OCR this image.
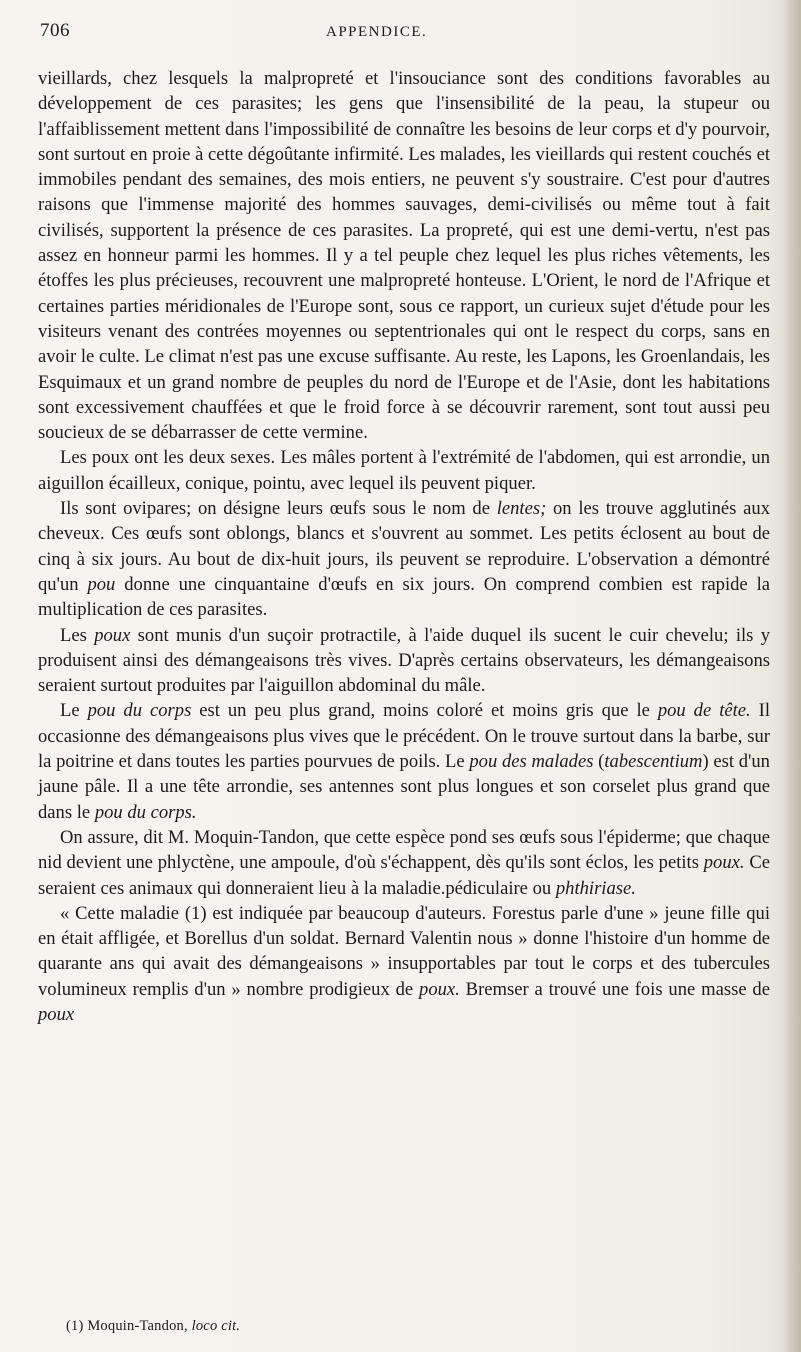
706	APPENDICE.

vieillards, chez lesquels la malpropreté et l'insouciance sont des conditions favorables au développement de ces parasites; les gens que l'insensibilité de la peau, la stupeur ou l'affaiblissement mettent dans l'impossibilité de connaître les besoins de leur corps et d'y pourvoir, sont surtout en proie à cette dégoûtante infirmité. Les malades, les vieillards qui restent couchés et immobiles pendant des semaines, des mois entiers, ne peuvent s'y soustraire. C'est pour d'autres raisons que l'immense majorité des hommes sauvages, demi-civilisés ou même tout à fait civilisés, supportent la présence de ces parasites. La propreté, qui est une demi-vertu, n'est pas assez en honneur parmi les hommes. Il y a tel peuple chez lequel les plus riches vêtements, les étoffes les plus précieuses, recouvrent une malpropreté honteuse. L'Orient, le nord de l'Afrique et certaines parties méridionales de l'Europe sont, sous ce rapport, un curieux sujet d'étude pour les visiteurs venant des contrées moyennes ou septentrionales qui ont le respect du corps, sans en avoir le culte. Le climat n'est pas une excuse suffisante. Au reste, les Lapons, les Groenlandais, les Esquimaux et un grand nombre de peuples du nord de l'Europe et de l'Asie, dont les habitations sont excessivement chauffées et que le froid force à se découvrir rarement, sont tout aussi peu soucieux de se débarrasser de cette vermine.

Les poux ont les deux sexes. Les mâles portent à l'extrémité de l'abdomen, qui est arrondie, un aiguillon écailleux, conique, pointu, avec lequel ils peuvent piquer.

Ils sont ovipares; on désigne leurs œufs sous le nom de lentes; on les trouve agglutinés aux cheveux. Ces œufs sont oblongs, blancs et s'ouvrent au sommet. Les petits éclosent au bout de cinq à six jours. Au bout de dix-huit jours, ils peuvent se reproduire. L'observation a démontré qu'un pou donne une cinquantaine d'œufs en six jours. On comprend combien est rapide la multiplication de ces parasites.

Les poux sont munis d'un suçoir protractile, à l'aide duquel ils sucent le cuir chevelu; ils y produisent ainsi des démangeaisons très vives. D'après certains observateurs, les démangeaisons seraient surtout produites par l'aiguillon abdominal du mâle.

Le pou du corps est un peu plus grand, moins coloré et moins gris que le pou de tête. Il occasionne des démangeaisons plus vives que le précédent. On le trouve surtout dans la barbe, sur la poitrine et dans toutes les parties pourvues de poils. Le pou des malades (tabescentium) est d'un jaune pâle. Il a une tête arrondie, ses antennes sont plus longues et son corselet plus grand que dans le pou du corps.

On assure, dit M. Moquin-Tandon, que cette espèce pond ses œufs sous l'épiderme; que chaque nid devient une phlyctène, une ampoule, d'où s'échappent, dès qu'ils sont éclos, les petits poux. Ce seraient ces animaux qui donneraient lieu à la maladie.pédiculaire ou phthiriase.

« Cette maladie (1) est indiquée par beaucoup d'auteurs. Forestus parle d'une » jeune fille qui en était affligée, et Borellus d'un soldat. Bernard Valentin nous » donne l'histoire d'un homme de quarante ans qui avait des démangeaisons » insupportables par tout le corps et des tubercules volumineux remplis d'un » nombre prodigieux de poux. Bremser a trouvé une fois une masse de poux

(1) Moquin-Tandon, loco cit.
